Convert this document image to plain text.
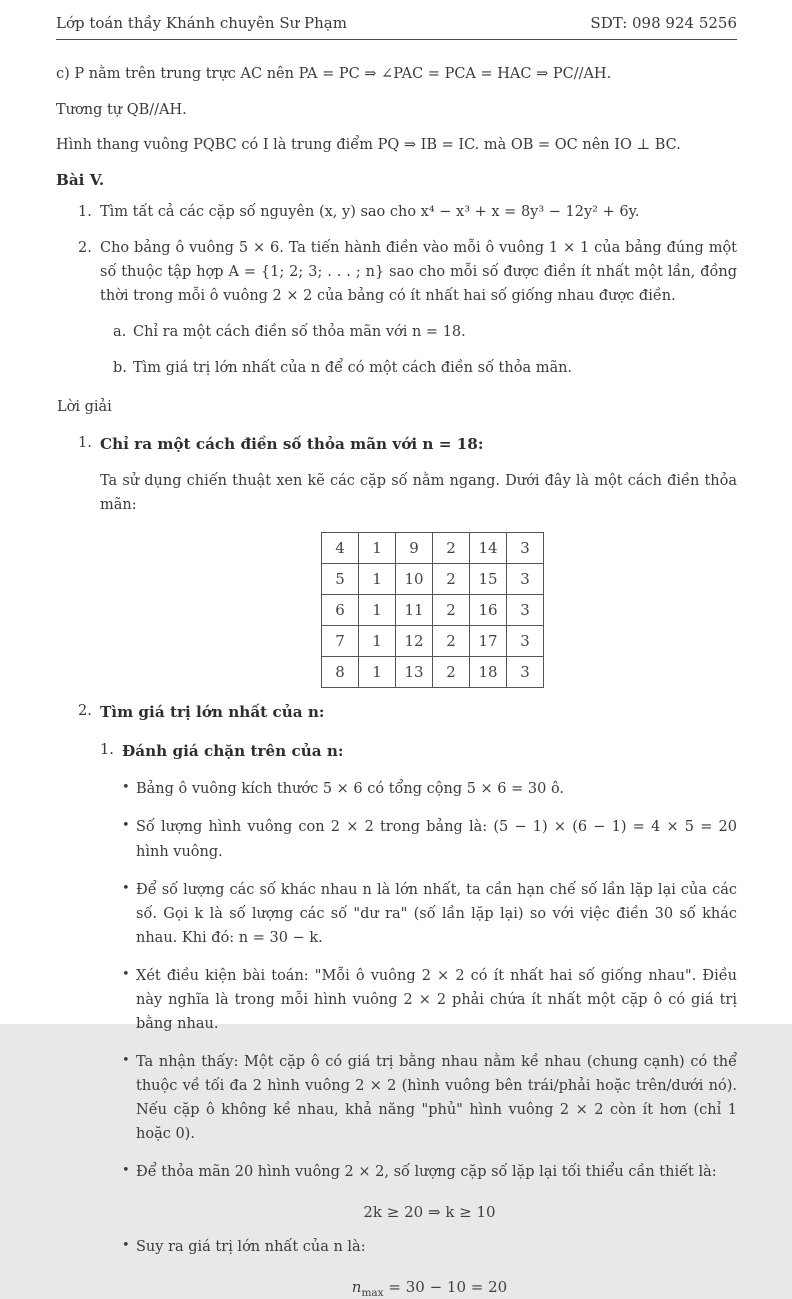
Lớp toán thầy Khánh chuyên Sư Phạm	SDT: 098 924 5256

c) P nằm trên trung trực AC nên PA = PC ⇒ ∠PAC = PCA = HAC ⇒ PC//AH.

Tương tự QB//AH.

Hình thang vuông PQBC có I là trung điểm PQ ⇒ IB = IC. mà OB = OC nên IO ⊥ BC.

Bài V.
1. Tìm tất cả các cặp số nguyên (x, y) sao cho x⁴ − x³ + x = 8y³ − 12y² + 6y.
2. Cho bảng ô vuông 5 × 6. Ta tiến hành điền vào mỗi ô vuông 1 × 1 của bảng đúng một số thuộc tập hợp A = {1; 2; 3; . . . ; n} sao cho mỗi số được điền ít nhất một lần, đồng thời trong mỗi ô vuông 2 × 2 của bảng có ít nhất hai số giống nhau được điền.
a. Chỉ ra một cách điền số thỏa mãn với n = 18.
b. Tìm giá trị lớn nhất của n để có một cách điền số thỏa mãn.

Lời giải

1. Chỉ ra một cách điền số thỏa mãn với n = 18:

Ta sử dụng chiến thuật xen kẽ các cặp số nằm ngang. Dưới đây là một cách điền thỏa mãn:

4	1	9	2	14	3
5	1	10	2	15	3
6	1	11	2	16	3
7	1	12	2	17	3
8	1	13	2	18	3
2. Tìm giá trị lớn nhất của n:
1. Đánh giá chặn trên của n:
• Bảng ô vuông kích thước 5 × 6 có tổng cộng 5 × 6 = 30 ô.
• Số lượng hình vuông con 2 × 2 trong bảng là: (5 − 1) × (6 − 1) = 4 × 5 = 20 hình vuông.
• Để số lượng các số khác nhau n là lớn nhất, ta cần hạn chế số lần lặp lại của các số. Gọi k là số lượng các số "dư ra" (số lần lặp lại) so với việc điền 30 số khác nhau. Khi đó: n = 30 − k.
• Xét điều kiện bài toán: "Mỗi ô vuông 2 × 2 có ít nhất hai số giống nhau". Điều này nghĩa là trong mỗi hình vuông 2 × 2 phải chứa ít nhất một cặp ô có giá trị bằng nhau.
• Ta nhận thấy: Một cặp ô có giá trị bằng nhau nằm kề nhau (chung cạnh) có thể thuộc về tối đa 2 hình vuông 2 × 2 (hình vuông bên trái/phải hoặc trên/dưới nó). Nếu cặp ô không kề nhau, khả năng "phủ" hình vuông 2 × 2 còn ít hơn (chỉ 1 hoặc 0).
• Để thỏa mãn 20 hình vuông 2 × 2, số lượng cặp số lặp lại tối thiểu cần thiết là:
2k ≥ 20 ⇒ k ≥ 10
• Suy ra giá trị lớn nhất của n là:
$n_{max} = 30 - 10 = 20$
